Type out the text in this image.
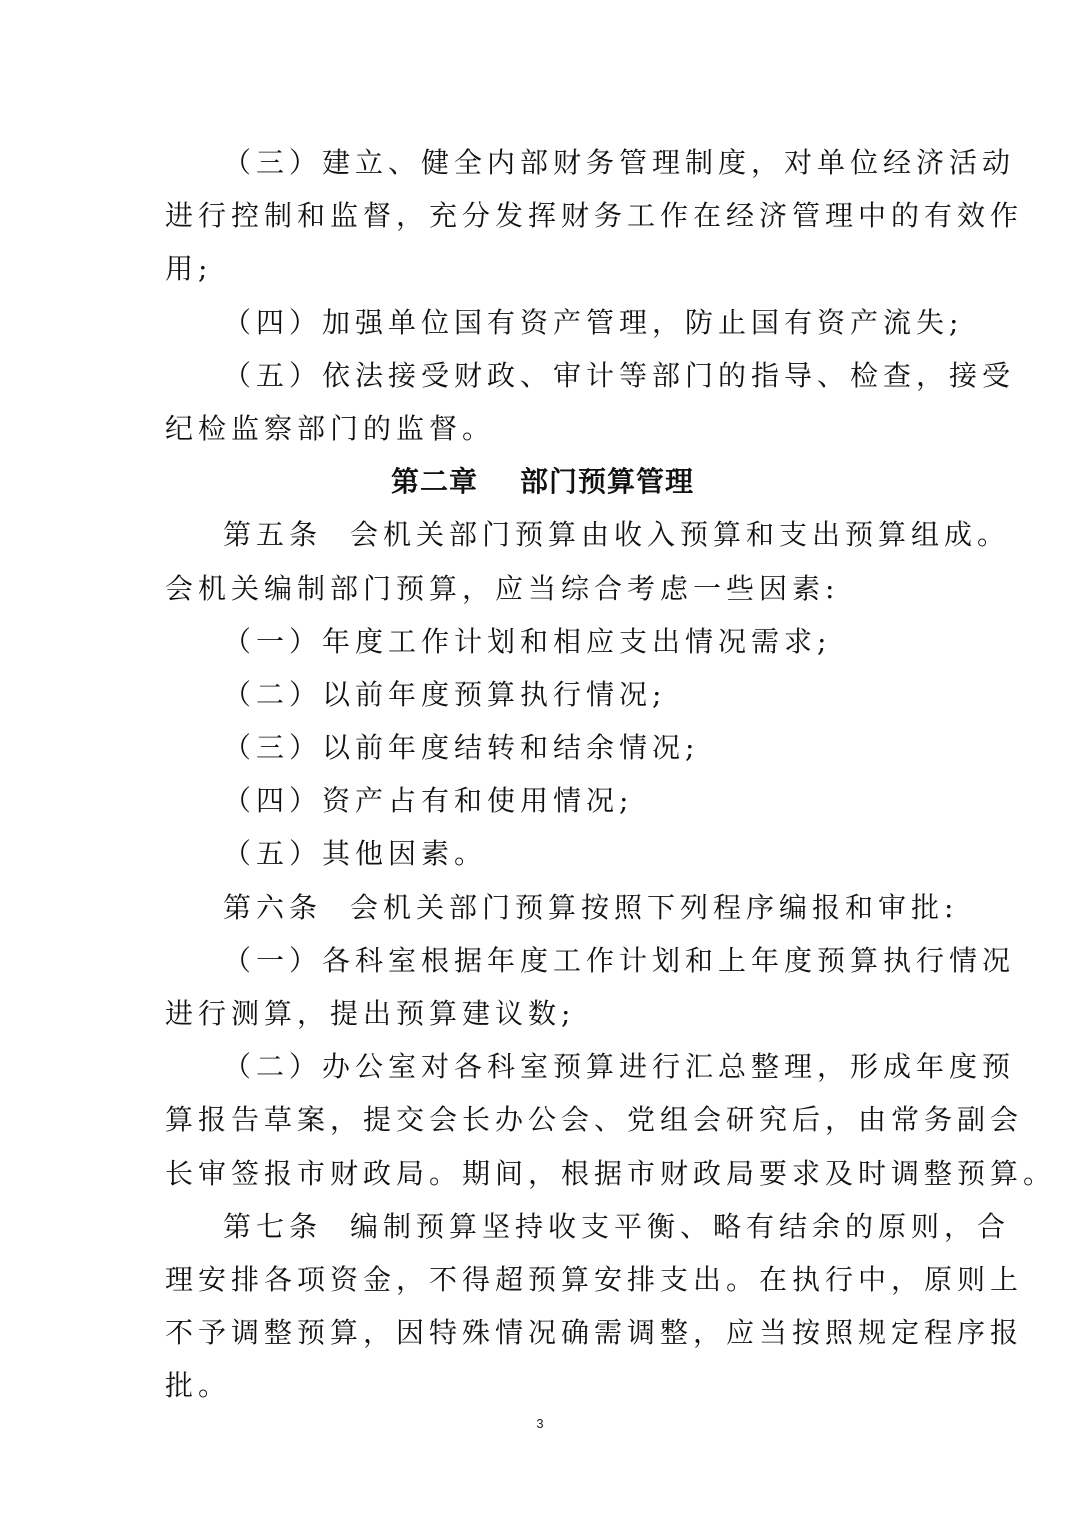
（三）建立、健全内部财务管理制度，对单位经济活动
进行控制和监督，充分发挥财务工作在经济管理中的有效作
用;
（四）加强单位国有资产管理，防止国有资产流失;
（五）依法接受财政、审计等部门的指导、检查，接受
纪检监察部门的监督。
第二章 部门预算管理
第五条 会机关部门预算由收入预算和支出预算组成。
会机关编制部门预算，应当综合考虑一些因素:
（一）年度工作计划和相应支出情况需求;
（二）以前年度预算执行情况;
（三）以前年度结转和结余情况;
（四）资产占有和使用情况;
（五）其他因素。
第六条 会机关部门预算按照下列程序编报和审批:
（一）各科室根据年度工作计划和上年度预算执行情况
进行测算，提出预算建议数;
（二）办公室对各科室预算进行汇总整理，形成年度预
算报告草案，提交会长办公会、党组会研究后，由常务副会
长审签报市财政局。期间，根据市财政局要求及时调整预算。
第七条 编制预算坚持收支平衡、略有结余的原则，合
理安排各项资金，不得超预算安排支出。在执行中，原则上
不予调整预算，因特殊情况确需调整，应当按照规定程序报
批。
3
